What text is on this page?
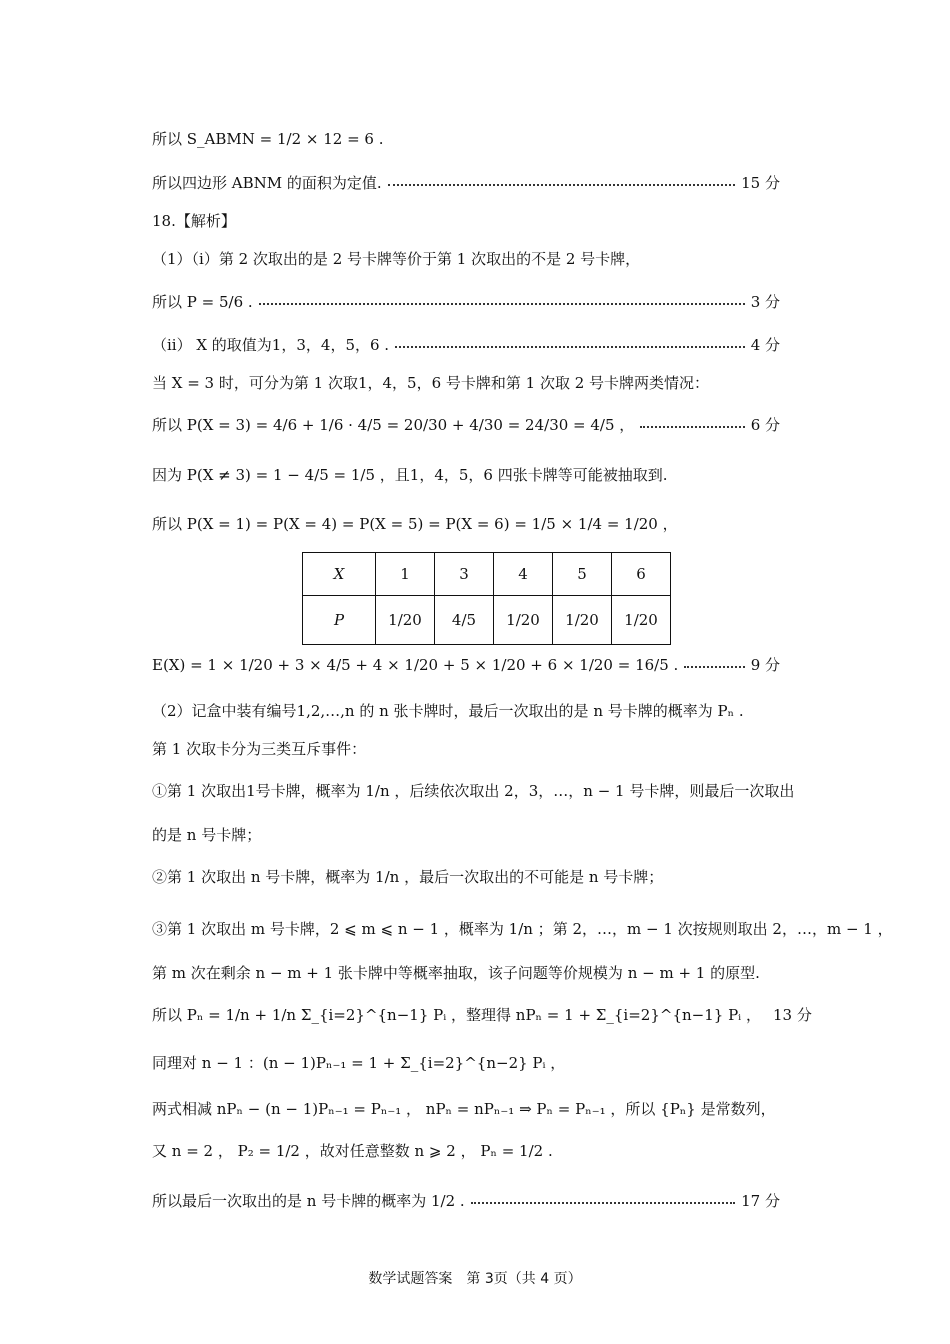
所以 S_ABMN = 1/2 × 12 = 6 .
所以四边形 ABNM 的面积为定值.	15 分
18.【解析】
（1）（i）第 2 次取出的是 2 号卡牌等价于第 1 次取出的不是 2 号卡牌，
所以 P = 5/6 .	3 分
（ii） X 的取值为1，3，4，5，6 .	4 分
当 X = 3 时，可分为第 1 次取1，4，5，6 号卡牌和第 1 次取 2 号卡牌两类情况：
所以 P(X = 3) = 4/6 + 1/6 · 4/5 = 20/30 + 4/30 = 24/30 = 4/5 ，	6 分
因为 P(X ≠ 3) = 1 − 4/5 = 1/5 ，且1，4，5，6 四张卡牌等可能被抽取到.
所以 P(X = 1) = P(X = 4) = P(X = 5) = P(X = 6) = 1/5 × 1/4 = 1/20 ，
X	1	3	4	5	6
P	1/20	4/5	1/20	1/20	1/20
E(X) = 1 × 1/20 + 3 × 4/5 + 4 × 1/20 + 5 × 1/20 + 6 × 1/20 = 16/5 .	9 分
（2）记盒中装有编号1,2,…,n 的 n 张卡牌时，最后一次取出的是 n 号卡牌的概率为 Pₙ .
第 1 次取卡分为三类互斥事件：
①第 1 次取出1号卡牌，概率为 1/n ，后续依次取出 2，3，…，n − 1 号卡牌，则最后一次取出
的是 n 号卡牌；
②第 1 次取出 n 号卡牌，概率为 1/n ，最后一次取出的不可能是 n 号卡牌；
③第 1 次取出 m 号卡牌，2 ⩽ m ⩽ n − 1 ，概率为 1/n ；第 2，…，m − 1 次按规则取出 2，…，m − 1 ，
第 m 次在剩余 n − m + 1 张卡牌中等概率抽取，该子问题等价规模为 n − m + 1 的原型.
所以 Pₙ = 1/n + 1/n Σ_{i=2}^{n−1} Pᵢ ，整理得 nPₙ = 1 + Σ_{i=2}^{n−1} Pᵢ ， 13 分
同理对 n − 1 ：(n − 1)Pₙ₋₁ = 1 + Σ_{i=2}^{n−2} Pᵢ ，
两式相减 nPₙ − (n − 1)Pₙ₋₁ = Pₙ₋₁ ， nPₙ = nPₙ₋₁ ⇒ Pₙ = Pₙ₋₁ ，所以 {Pₙ} 是常数列，
又 n = 2 ， P₂ = 1/2 ，故对任意整数 n ⩾ 2 ， Pₙ = 1/2 .
所以最后一次取出的是 n 号卡牌的概率为 1/2 .	17 分
数学试题答案　第 3页（共 4 页）
